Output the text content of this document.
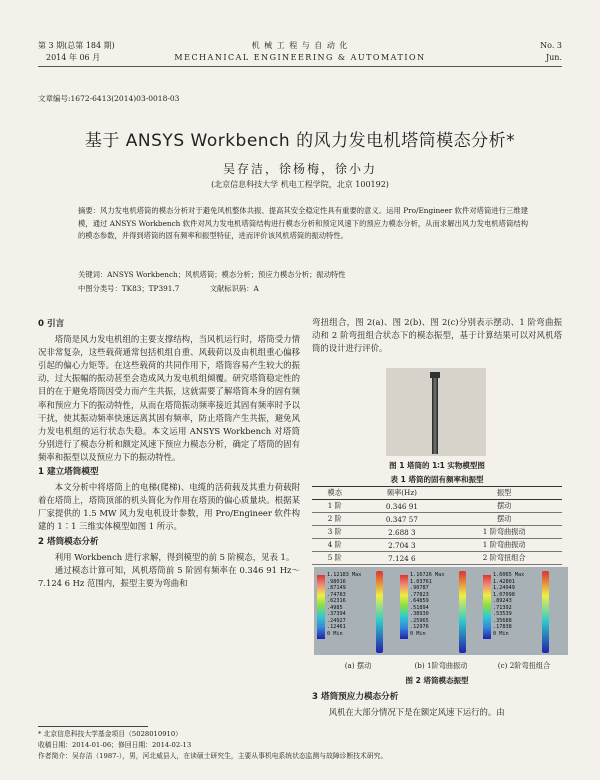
第 3 期(总第 184 期)
2014 年 06 月
机 械 工 程 与 自 动 化
MECHANICAL ENGINEERING & AUTOMATION
No. 3
Jun.
文章编号:1672-6413(2014)03-0018-03
基于 ANSYS Workbench 的风力发电机塔筒模态分析*
吴存洁，徐杨梅，徐小力
(北京信息科技大学 机电工程学院，北京 100192)
摘要：风力发电机塔筒的模态分析对于避免风机整体共振、提高其安全稳定性具有重要的意义。运用 Pro/Engineer 软件对塔筒进行三维建模，通过 ANSYS Workbench 软件对风力发电机塔筒结构进行模态分析和预定风速下的预应力模态分析，从而求解出风力发电机塔筒结构的模态参数，并得到塔筒的固有频率和振型特征，进而评价该风机塔筒的振动特性。
关键词：ANSYS Workbench；风机塔筒；模态分析；预应力模态分析；振动特性
中图分类号：TK83；TP391.7	文献标识码：A
0 引言

塔筒是风力发电机组的主要支撑结构，当风机运行时，塔筒受力情况非常复杂，这些载荷通常包括机组自重、风载荷以及由机组重心偏移引起的偏心力矩等。在这些载荷的共同作用下，塔筒容易产生较大的振动，过大振幅的振动甚至会造成风力发电机组倾覆。研究塔筒稳定性的目的在于避免塔筒因受力而产生共振，这就需要了解塔筒本身的固有频率和预应力下的振动特性，从而在塔筒振动频率接近其固有频率时予以干扰，使其振动频率快速远离其固有频率，防止塔筒产生共振，避免风力发电机组的运行状态失稳。本文运用 ANSYS Workbench 对塔筒分别进行了模态分析和额定风速下预应力模态分析，确定了塔筒的固有频率和振型以及预应力下的振动特性。

1 建立塔筒模型

本文分析中将塔筒上的电梯(爬梯)、电缆的活荷载及其重力荷载附着在塔筒上，塔筒顶部的机头简化为作用在塔顶的偏心质量块。根据某厂家提供的 1.5 MW 风力发电机设计参数，用 Pro/Engineer 软件构建的 1∶1 三维实体模型如图 1 所示。

2 塔筒模态分析

利用 Workbench 进行求解，得到模型的前 5 阶模态，见表 1。

通过模态计算可知，风机塔筒前 5 阶固有频率在 0.346 91 Hz～7.124 6 Hz 范围内，振型主要为弯曲和

弯扭组合，图 2(a)、图 2(b)、图 2(c)分别表示摆动、1 阶弯曲振动和 2 阶弯扭组合状态下的模态振型，基于计算结果可以对风机塔筒的设计进行评价。

图 1 塔筒的 1∶1 实物模型图
表 1 塔筒的固有频率和振型
模态	频率(Hz)	振型
1 阶	0.346 91	摆动
2 阶	0.347 57	摆动
3 阶	2.688 3	1 阶弯曲振动
4 阶	2.704 3	1 阶弯曲振动
5 阶	7.124 6	2 阶弯扭组合
1.12183 Max
.98016
.87149
.74783
.62316
.4985
.37394
.24927
.12461
0 Min
1.16726 Max
1.03761
.90787
.77823
.64859
.51894
.38930
.25965
.12976
0 Min
1.6065 Max
1.42801
1.24949
1.07098
.89243
.71392
.53539
.35688
.17838
0 Min
(a) 摆动	(b) 1阶弯曲振动	(c) 2阶弯扭组合
图 2 塔筒模态振型
3 塔筒预应力模态分析

风机在大部分情况下是在额定风速下运行的。由

* 北京信息科技大学基金项目（5028010910）
收稿日期：2014-01-06；修回日期：2014-02-13
作者简介：吴存洁（1987-），男，河北威县人，在读硕士研究生，主要从事机电系统状态监测与故障诊断技术研究。
